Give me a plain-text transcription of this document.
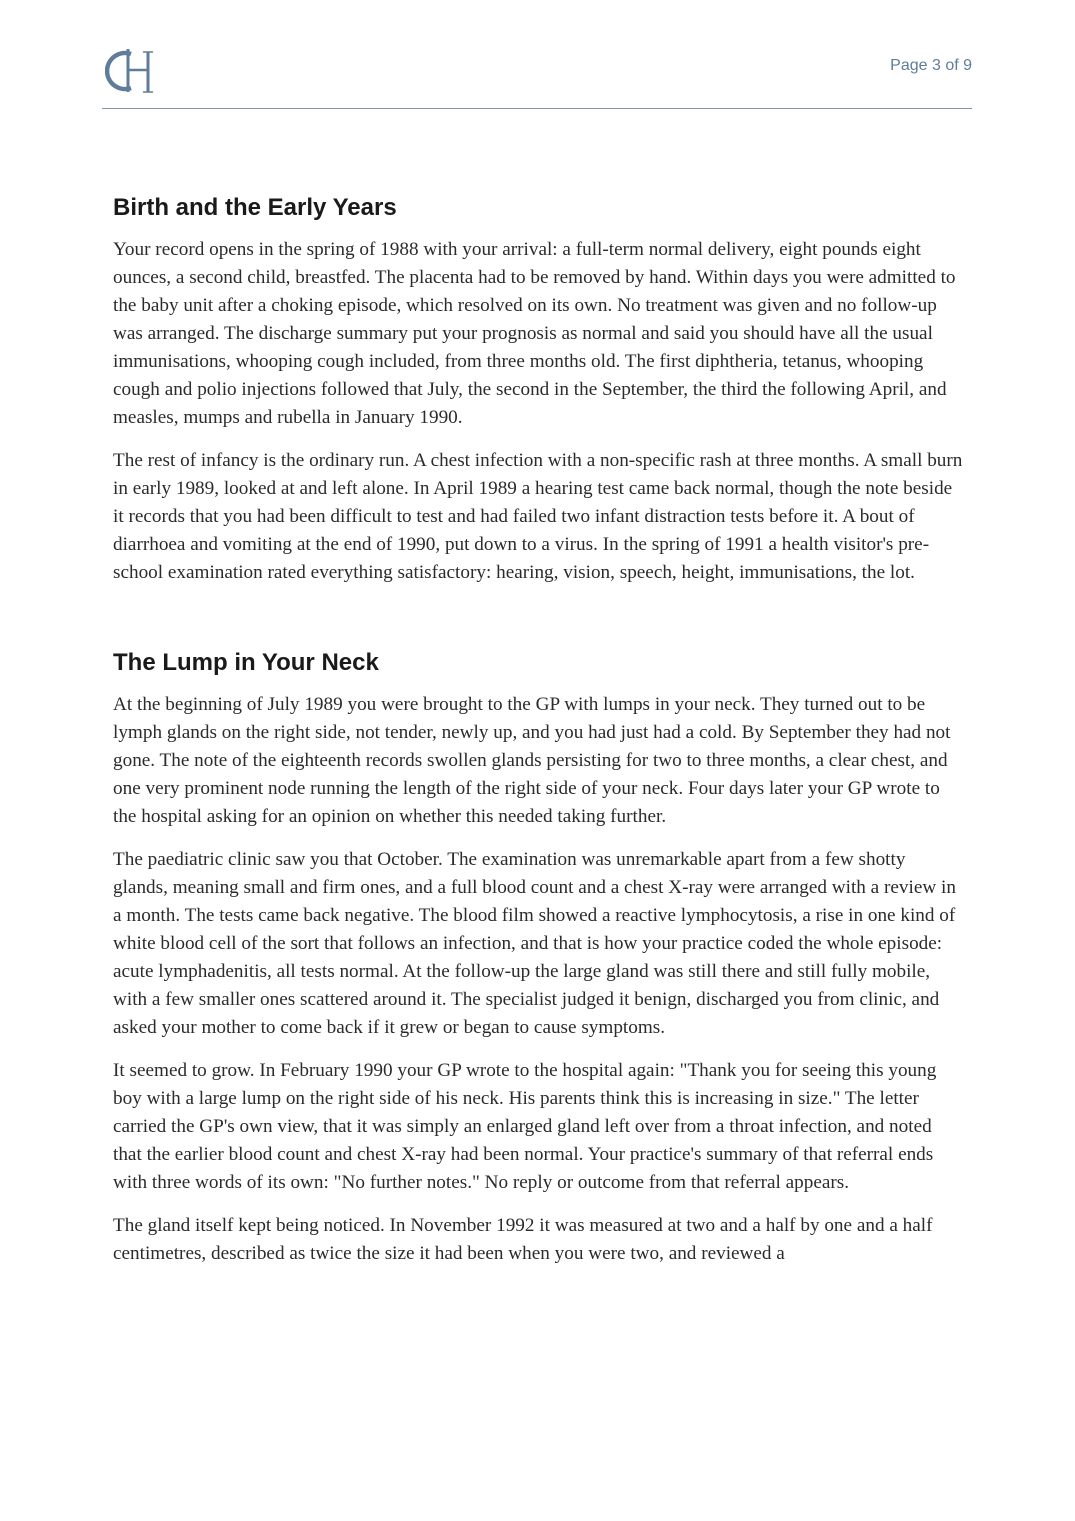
Page 3 of 9
Birth and the Early Years

Your record opens in the spring of 1988 with your arrival: a full-term normal delivery, eight pounds eight ounces, a second child, breastfed. The placenta had to be removed by hand. Within days you were admitted to the baby unit after a choking episode, which resolved on its own. No treatment was given and no follow-up was arranged. The discharge summary put your prognosis as normal and said you should have all the usual immunisations, whooping cough included, from three months old. The first diphtheria, tetanus, whooping cough and polio injections followed that July, the second in the September, the third the following April, and measles, mumps and rubella in January 1990.

The rest of infancy is the ordinary run. A chest infection with a non-specific rash at three months. A small burn in early 1989, looked at and left alone. In April 1989 a hearing test came back normal, though the note beside it records that you had been difficult to test and had failed two infant distraction tests before it. A bout of diarrhoea and vomiting at the end of 1990, put down to a virus. In the spring of 1991 a health visitor's pre-school examination rated everything satisfactory: hearing, vision, speech, height, immunisations, the lot.

The Lump in Your Neck

At the beginning of July 1989 you were brought to the GP with lumps in your neck. They turned out to be lymph glands on the right side, not tender, newly up, and you had just had a cold. By September they had not gone. The note of the eighteenth records swollen glands persisting for two to three months, a clear chest, and one very prominent node running the length of the right side of your neck. Four days later your GP wrote to the hospital asking for an opinion on whether this needed taking further.

The paediatric clinic saw you that October. The examination was unremarkable apart from a few shotty glands, meaning small and firm ones, and a full blood count and a chest X-ray were arranged with a review in a month. The tests came back negative. The blood film showed a reactive lymphocytosis, a rise in one kind of white blood cell of the sort that follows an infection, and that is how your practice coded the whole episode: acute lymphadenitis, all tests normal. At the follow-up the large gland was still there and still fully mobile, with a few smaller ones scattered around it. The specialist judged it benign, discharged you from clinic, and asked your mother to come back if it grew or began to cause symptoms.

It seemed to grow. In February 1990 your GP wrote to the hospital again: "Thank you for seeing this young boy with a large lump on the right side of his neck. His parents think this is increasing in size." The letter carried the GP's own view, that it was simply an enlarged gland left over from a throat infection, and noted that the earlier blood count and chest X-ray had been normal. Your practice's summary of that referral ends with three words of its own: "No further notes." No reply or outcome from that referral appears.

The gland itself kept being noticed. In November 1992 it was measured at two and a half by one and a half centimetres, described as twice the size it had been when you were two, and reviewed a
